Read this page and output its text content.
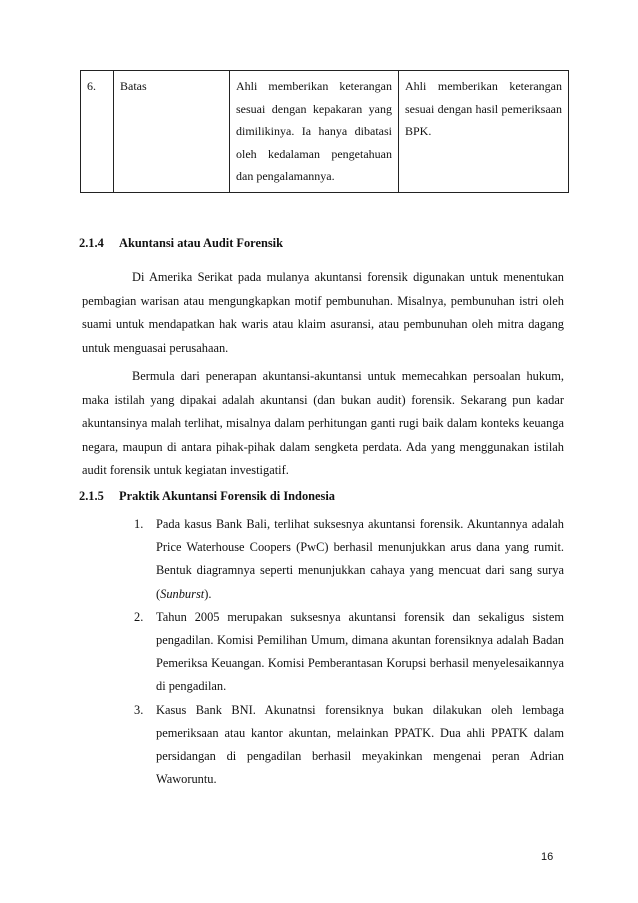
6.	Batas	Ahli memberikan keterangan sesuai dengan kepakaran yang dimilikinya. Ia hanya dibatasi oleh kedalaman pengetahuan dan pengalamannya.	Ahli memberikan keterangan sesuai dengan hasil pemeriksaan BPK.
2.1.4 Akuntansi atau Audit Forensik
Di Amerika Serikat pada mulanya akuntansi forensik digunakan untuk menentukan pembagian warisan atau mengungkapkan motif pembunuhan. Misalnya, pembunuhan istri oleh suami untuk mendapatkan hak waris atau klaim asuransi, atau pembunuhan oleh mitra dagang untuk menguasai perusahaan.
Bermula dari penerapan akuntansi-akuntansi untuk memecahkan persoalan hukum, maka istilah yang dipakai adalah akuntansi (dan bukan audit) forensik. Sekarang pun kadar akuntansinya malah terlihat, misalnya dalam perhitungan ganti rugi baik dalam konteks keuanga negara, maupun di antara pihak-pihak dalam sengketa perdata. Ada yang menggunakan istilah audit forensik untuk kegiatan investigatif.
2.1.5 Praktik Akuntansi Forensik di Indonesia
1. Pada kasus Bank Bali, terlihat suksesnya akuntansi forensik. Akuntannya adalah Price Waterhouse Coopers (PwC) berhasil menunjukkan arus dana yang rumit. Bentuk diagramnya seperti menunjukkan cahaya yang mencuat dari sang surya (Sunburst).
2. Tahun 2005 merupakan suksesnya akuntansi forensik dan sekaligus sistem pengadilan. Komisi Pemilihan Umum, dimana akuntan forensiknya adalah Badan Pemeriksa Keuangan. Komisi Pemberantasan Korupsi berhasil menyelesaikannya di pengadilan.
3. Kasus Bank BNI. Akunatnsi forensiknya bukan dilakukan oleh lembaga pemeriksaan atau kantor akuntan, melainkan PPATK. Dua ahli PPATK dalam persidangan di pengadilan berhasil meyakinkan mengenai peran Adrian Waworuntu.
16
